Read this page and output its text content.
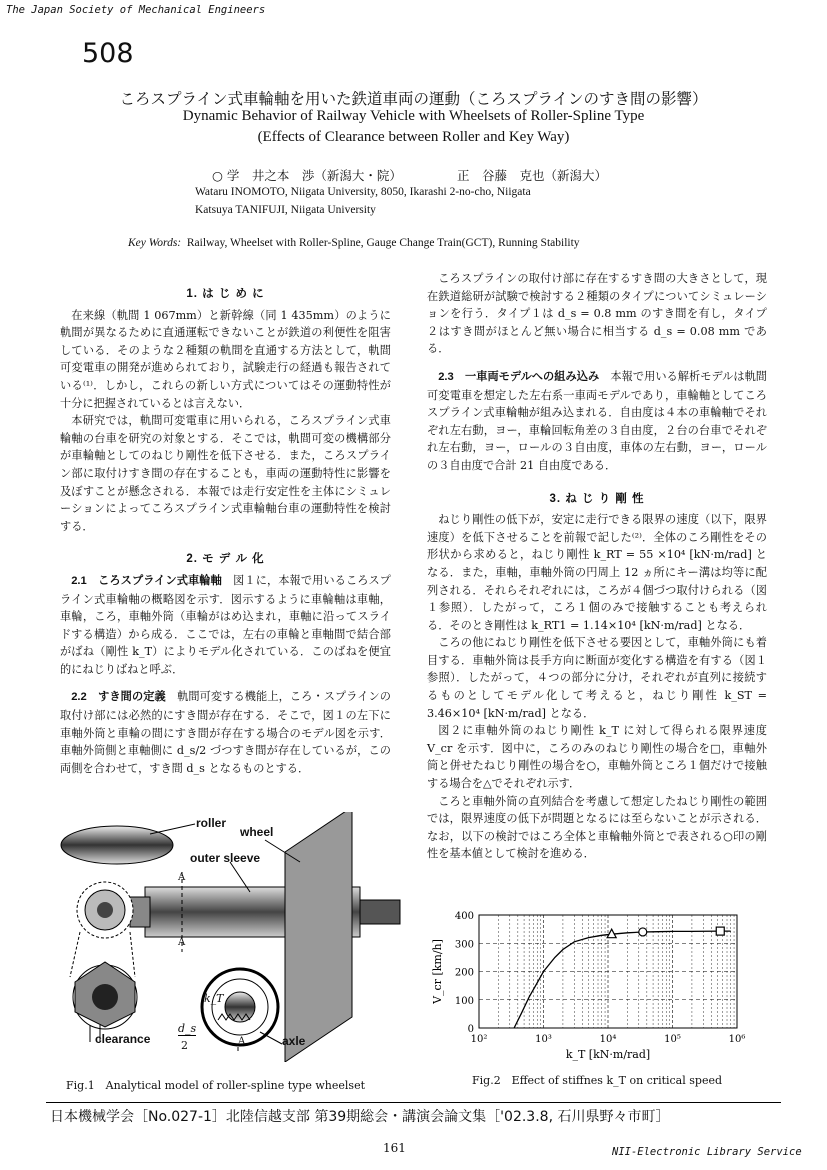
The Japan Society of Mechanical Engineers
508
ころスプライン式車輪軸を用いた鉄道車両の運動（ころスプラインのすき間の影響）
Dynamic Behavior of Railway Vehicle with Wheelsets of Roller-Spline Type
(Effects of Clearance between Roller and Key Way)
○ 学　井之本　渉（新潟大・院）	正　谷藤　克也（新潟大）
Wataru INOMOTO, Niigata University, 8050, Ikarashi 2-no-cho, Niigata
Katsuya TANIFUJI, Niigata University
Key Words: Railway, Wheelset with Roller-Spline, Gauge Change Train(GCT), Running Stability
1. は じ め に

在来線（軌間 1 067mm）と新幹線（同 1 435mm）のように軌間が異なるために直通運転できないことが鉄道の利便性を阻害している．そのような２種類の軌間を直通する方法として，軌間可変電車の開発が進められており，試験走行の経過も報告されている⁽¹⁾．しかし，これらの新しい方式についてはその運動特性が十分に把握されているとは言えない．

本研究では，軌間可変電車に用いられる，ころスプライン式車輪軸の台車を研究の対象とする．そこでは，軌間可変の機構部分が車輪軸としてのねじり剛性を低下させる．また，ころスプライン部に取付けすき間の存在することも，車両の運動特性に影響を及ぼすことが懸念される．本報では走行安定性を主体にシミュレーションによってころスプライン式車輪軸台車の運動特性を検討する．

2. モ デ ル 化

2.1　ころスプライン式車輪軸　 図１に，本報で用いるころスプライン式車輪軸の概略図を示す．図示するように車輪軸は車軸，車輪，ころ，車軸外筒（車輪がはめ込まれ，車軸に沿ってスライドする構造）から成る．ここでは，左右の車輪と車軸間で結合部がばね（剛性 k_T）によりモデル化されている．このばねを便宜的にねじりばねと呼ぶ．

2.2　すき間の定義　 軌間可変する機能上，ころ・スプラインの取付け部には必然的にすき間が存在する．そこで，図１の左下に車軸外筒と車輪の間にすき間が存在する場合のモデル図を示す．車軸外筒側と車軸側に d_s/2 づつすき間が存在しているが，この両側を合わせて，すき間 d_s となるものとする．

ころスプラインの取付け部に存在するすき間の大きさとして，現在鉄道総研が試験で検討する２種類のタイプについてシミュレーションを行う．タイプ１は d_s = 0.8 mm のすき間を有し，タイプ２はすき間がほとんど無い場合に相当する d_s = 0.08 mm である．

2.3　一車両モデルへの組み込み　 本報で用いる解析モデルは軌間可変電車を想定した左右系一車両モデルであり，車輪軸としてころスプライン式車輪軸が組み込まれる．自由度は４本の車輪軸でそれぞれ左右動，ヨー，車輪回転角差の３自由度，２台の台車でそれぞれ左右動，ヨー，ロールの３自由度，車体の左右動，ヨー，ロールの３自由度で合計 21 自由度である．

3. ね じ り 剛 性

ねじり剛性の低下が，安定に走行できる限界の速度（以下，限界速度）を低下させることを前報で記した⁽²⁾．全体のころ剛性をその形状から求めると，ねじり剛性 k_RT = 55 ×10⁴ [kN·m/rad] となる．また，車軸，車軸外筒の円周上 12 ヵ所にキー溝は均等に配列される．それらそれぞれには，ころが４個づつ取付けられる（図１参照）．したがって，ころ１個のみで接触することも考えられる．そのとき剛性は k_RT1 = 1.14×10⁴ [kN·m/rad] となる．

ころの他にねじり剛性を低下させる要因として，車軸外筒にも着目する．車軸外筒は長手方向に断面が変化する構造を有する（図１参照）．したがって，４つの部分に分け，それぞれが直列に接続するものとしてモデル化して考えると，ねじり剛性 k_ST = 3.46×10⁴ [kN·m/rad] となる．

図２に車軸外筒のねじり剛性 k_T に対して得られる限界速度 V_cr を示す．図中に，ころのみのねじり剛性の場合を□，車軸外筒と併せたねじり剛性の場合を○，車軸外筒ところ１個だけで接触する場合を△でそれぞれ示す．

ころと車軸外筒の直列結合を考慮して想定したねじり剛性の範囲では，限界速度の低下が問題となるには至らないことが示される．なお，以下の検討ではころ全体と車輪軸外筒とで表される○印の剛性を基本値として検討を進める．

roller
wheel
outer sleeve
A
A
A
k_T
clearance
d_s
2	axle
Fig.1　Analytical model of roller-spline type wheelset
0
100
200
300
400
10²	10³	10⁴	10⁵	10⁶
k_T [kN·m/rad]
V_cr [km/h]
Fig.2　Effect of stiffnes k_T on critical speed
日本機械学会［No.027-1］北陸信越支部 第39期総会・講演会論文集［'02.3.8, 石川県野々市町］
161	NII-Electronic Library Service
